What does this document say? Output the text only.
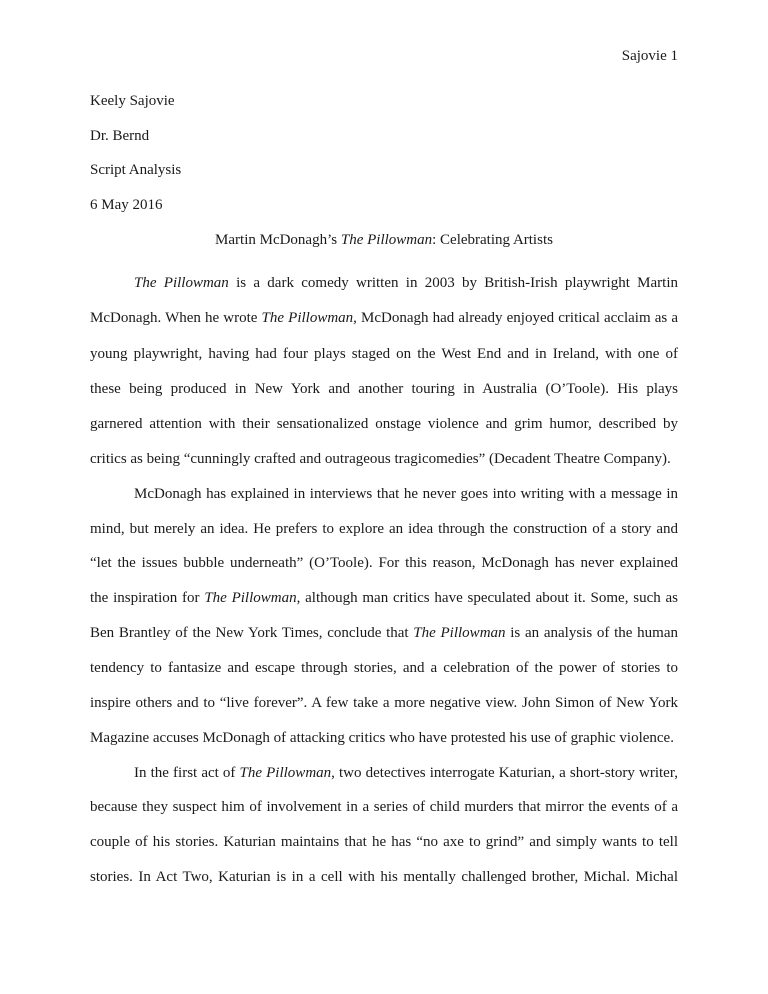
Sajovie 1
Keely Sajovie
Dr. Bernd
Script Analysis
6 May 2016
Martin McDonagh’s The Pillowman: Celebrating Artists
The Pillowman is a dark comedy written in 2003 by British-Irish playwright Martin
McDonagh. When he wrote The Pillowman, McDonagh had already enjoyed critical acclaim as a
young playwright, having had four plays staged on the West End and in Ireland, with one of
these being produced in New York and another touring in Australia (O’Toole). His plays
garnered attention with their sensationalized onstage violence and grim humor, described by
critics as being “cunningly crafted and outrageous tragicomedies” (Decadent Theatre Company).
McDonagh has explained in interviews that he never goes into writing with a message in
mind, but merely an idea. He prefers to explore an idea through the construction of a story and
“let the issues bubble underneath” (O’Toole). For this reason, McDonagh has never explained
the inspiration for The Pillowman, although man critics have speculated about it. Some, such as
Ben Brantley of the New York Times, conclude that The Pillowman is an analysis of the human
tendency to fantasize and escape through stories, and a celebration of the power of stories to
inspire others and to “live forever”. A few take a more negative view. John Simon of New York
Magazine accuses McDonagh of attacking critics who have protested his use of graphic violence.
In the first act of The Pillowman, two detectives interrogate Katurian, a short-story writer,
because they suspect him of involvement in a series of child murders that mirror the events of a
couple of his stories. Katurian maintains that he has “no axe to grind” and simply wants to tell
stories. In Act Two, Katurian is in a cell with his mentally challenged brother, Michal. Michal
